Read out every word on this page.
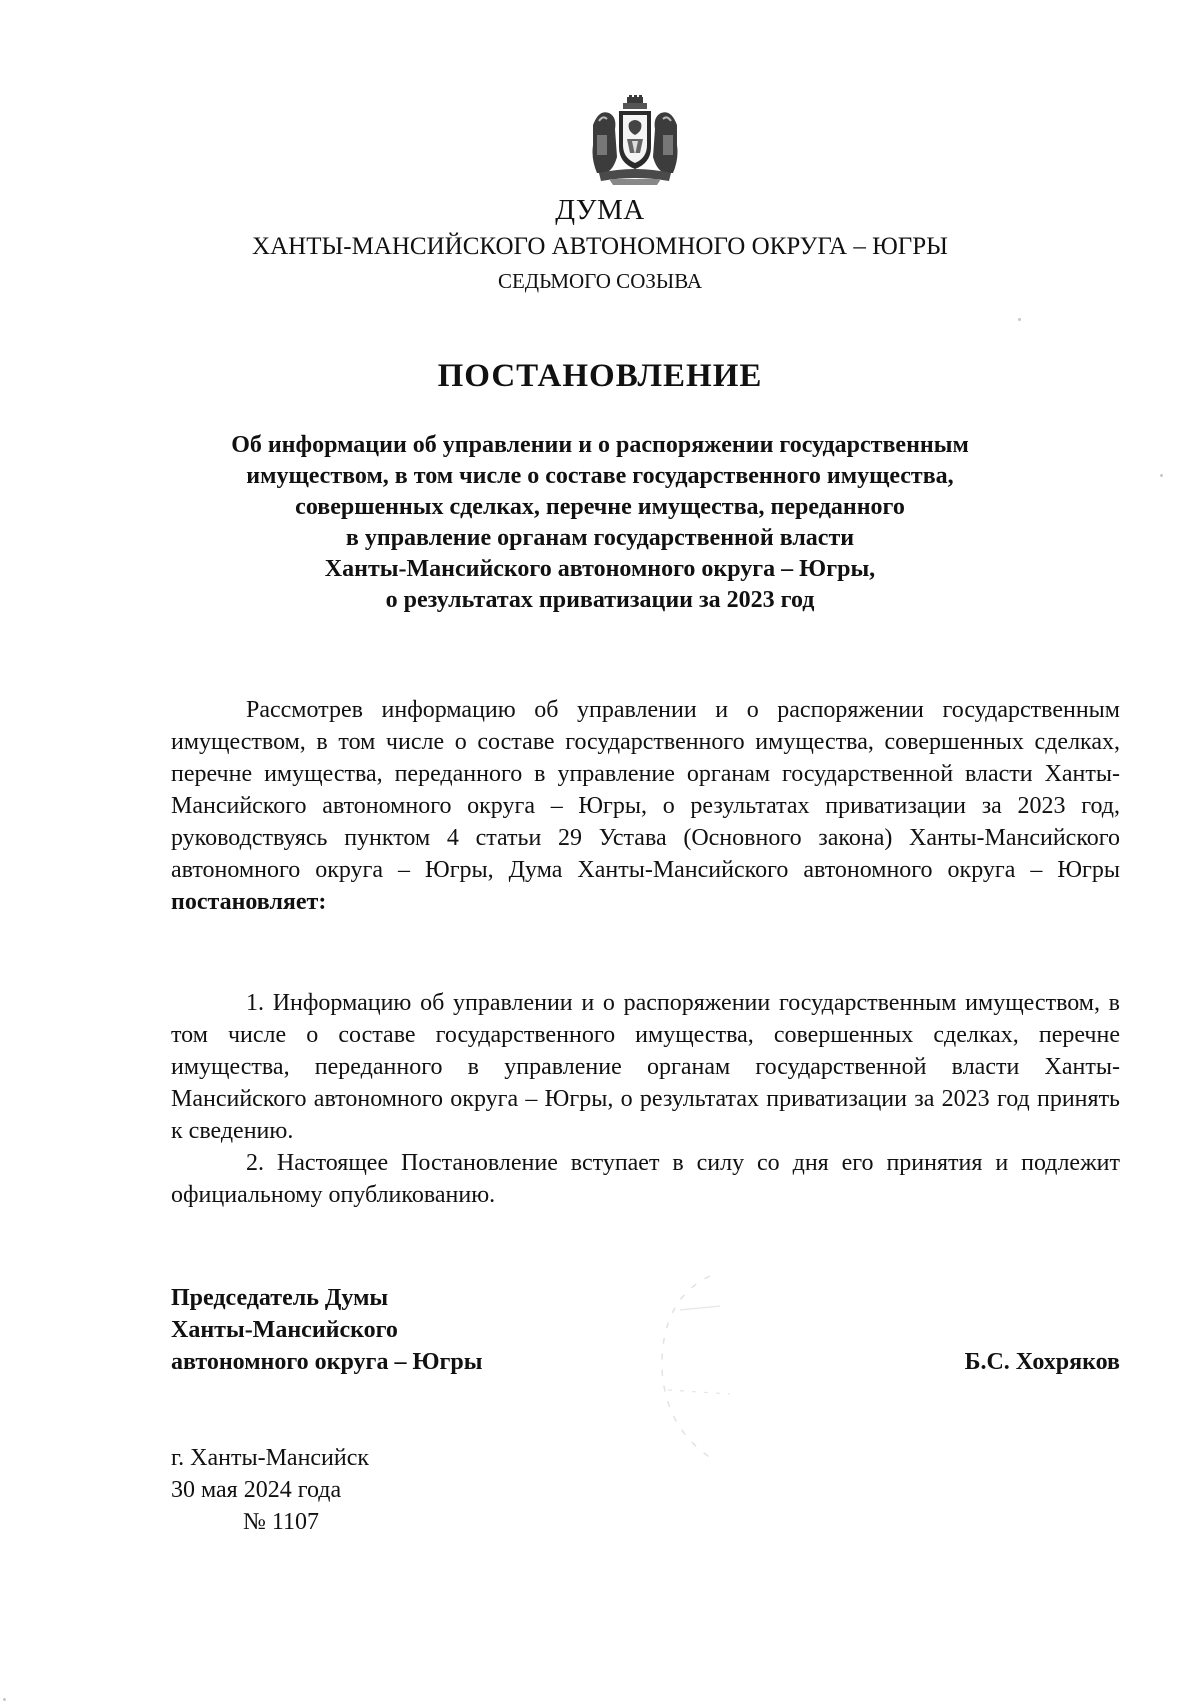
ДУМА
ХАНТЫ-МАНСИЙСКОГО АВТОНОМНОГО ОКРУГА – ЮГРЫ
СЕДЬМОГО СОЗЫВА
ПОСТАНОВЛЕНИЕ
Об информации об управлении и о распоряжении государственным
имуществом, в том числе о составе государственного имущества,
совершенных сделках, перечне имущества, переданного
в управление органам государственной власти
Ханты-Мансийского автономного округа – Югры,
о результатах приватизации за 2023 год

Рассмотрев информацию об управлении и о распоряжении государственным имуществом, в том числе о составе государственного имущества, совершенных сделках, перечне имущества, переданного в управление органам государственной власти Ханты-Мансийского автономного округа – Югры, о результатах приватизации за 2023 год, руководствуясь пунктом 4 статьи 29 Устава (Основного закона) Ханты-Мансийского автономного округа – Югры, Дума Ханты-Мансийского автономного округа – Югры постановляет:

1. Информацию об управлении и о распоряжении государственным имуществом, в том числе о составе государственного имущества, совершенных сделках, перечне имущества, переданного в управление органам государственной власти Ханты-Мансийского автономного округа – Югры, о результатах приватизации за 2023 год принять к сведению.

2. Настоящее Постановление вступает в силу со дня его принятия и подлежит официальному опубликованию.

Председатель Думы
Ханты-Мансийского
автономного округа – Югры	Б.С. Хохряков
г. Ханты-Мансийск
30 мая 2024 года
№ 1107
